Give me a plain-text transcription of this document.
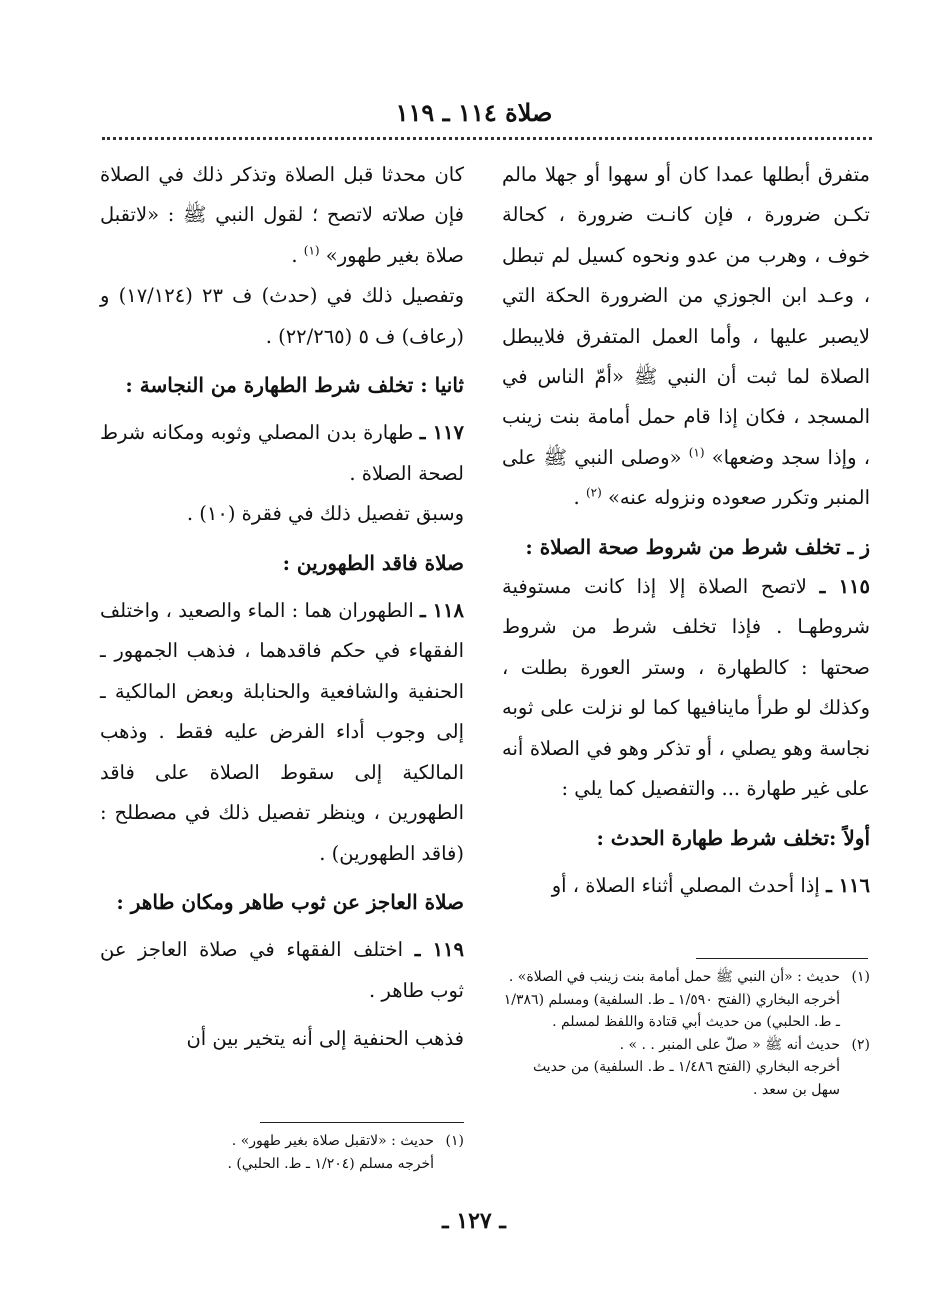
صلاة ١١٤ ـ ١١٩

متفرق أبطلها عمدا كان أو سهوا أو جهلا مالم تكـن ضرورة ، فإن كانـت ضرورة ، كحالة خوف ، وهرب من عدو ونحوه كسيل لم تبطل ، وعـد ابن الجوزي من الضرورة الحكة التي لايصبر عليها ، وأما العمل المتفرق فلايبطل الصلاة لما ثبت أن النبي ﷺ «أمّ الناس في المسجد ، فكان إذا قام حمل أمامة بنت زينب ، وإذا سجد وضعها» $^{(١)}$ «وصلى النبي ﷺ على المنبر وتكرر صعوده ونزوله عنه» $^{(٢)}$ .

ز ـ تخلف شرط من شروط صحة الصلاة :

١١٥ ـ لاتصح الصلاة إلا إذا كانت مستوفية شروطهـا . فإذا تخلف شرط من شروط صحتها : كالطهارة ، وستر العورة بطلت ، وكذلك لو طرأ ماينافيها كما لو نزلت على ثوبه نجاسة وهو يصلي ، أو تذكر وهو في الصلاة أنه على غير طهارة ... والتفصيل كما يلي :

أولاً :تخلف شرط طهارة الحدث :

١١٦ ـ إذا أحدث المصلي أثناء الصلاة ، أو

كان محدثا قبل الصلاة وتذكر ذلك في الصلاة فإن صلاته لاتصح ؛ لقول النبي ﷺ : «لاتقبل صلاة بغير طهور» $^{(١)}$ .

وتفصيل ذلك في (حدث) ف ٢٣ (١٧/١٢٤) و (رعاف) ف ٥ (٢٢/٢٦٥) .

ثانيا : تخلف شرط الطهارة من النجاسة :

١١٧ ـ طهارة بدن المصلي وثوبه ومكانه شرط لصحة الصلاة .

وسبق تفصيل ذلك في فقرة (١٠) .

صلاة فاقد الطهورين :

١١٨ ـ الطهوران هما : الماء والصعيد ، واختلف الفقهاء في حكم فاقدهما ، فذهب الجمهور ـ الحنفية والشافعية والحنابلة وبعض المالكية ـ إلى وجوب أداء الفرض عليه فقط . وذهب المالكية إلى سقوط الصلاة على فاقد الطهورين ، وينظر تفصيل ذلك في مصطلح : (فاقد الطهورين) .

صلاة العاجز عن ثوب طاهر ومكان طاهر :

١١٩ ـ اختلف الفقهاء في صلاة العاجز عن ثوب طاهر .

فذهب الحنفية إلى أنه يتخير بين أن

(١)
حديث : «أن النبي ﷺ حمل أمامة بنت زينب في الصلاة» .
أخرجه البخاري (الفتح ١/٥٩٠ ـ ط. السلفية) ومسلم (١/٣٨٦ ـ ط. الحلبي) من حديث أبي قتادة واللفظ لمسلم .
(٢)
حديث أنه ﷺ « صلّ على المنبر . . » .
أخرجه البخاري (الفتح ١/٤٨٦ ـ ط. السلفية) من حديث سهل بن سعد .
(١)
حديث : «لاتقبل صلاة بغير طهور» .
أخرجه مسلم (١/٢٠٤ ـ ط. الحلبي) .
ـ ١٢٧ ـ
